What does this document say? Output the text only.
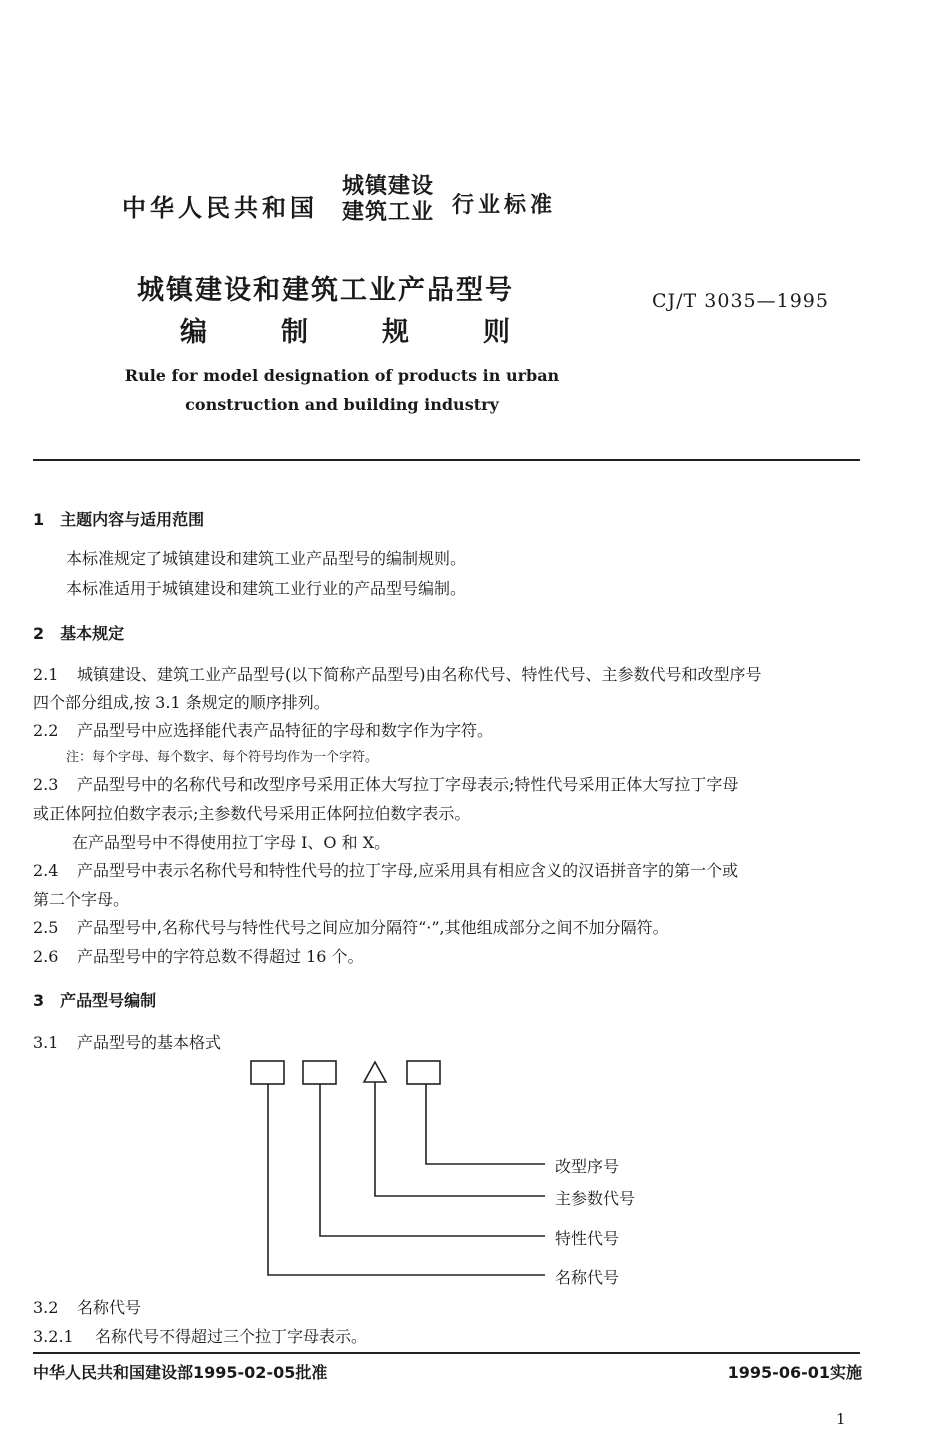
中华人民共和国
城镇建设
建筑工业 行业标准
城镇建设和建筑工业产品型号
编	制	规	则
CJ/T 3035—1995
Rule for model designation of products in urban
construction and building industry
1　主题内容与适用范围
本标准规定了城镇建设和建筑工业产品型号的编制规则。
本标准适用于城镇建设和建筑工业行业的产品型号编制。
2　基本规定
2.1 城镇建设、建筑工业产品型号(以下简称产品型号)由名称代号、特性代号、主参数代号和改型序号
四个部分组成,按 3.1 条规定的顺序排列。
2.2 产品型号中应选择能代表产品特征的字母和数字作为字符。
注：每个字母、每个数字、每个符号均作为一个字符。
2.3 产品型号中的名称代号和改型序号采用正体大写拉丁字母表示;特性代号采用正体大写拉丁字母
或正体阿拉伯数字表示;主参数代号采用正体阿拉伯数字表示。
在产品型号中不得使用拉丁字母 I、O 和 X。
2.4 产品型号中表示名称代号和特性代号的拉丁字母,应采用具有相应含义的汉语拼音字的第一个或
第二个字母。
2.5 产品型号中,名称代号与特性代号之间应加分隔符“·”,其他组成部分之间不加分隔符。
2.6 产品型号中的字符总数不得超过 16 个。
3　产品型号编制
3.1 产品型号的基本格式
改型序号
主参数代号
特性代号
名称代号
3.2 名称代号
3.2.1 名称代号不得超过三个拉丁字母表示。
中华人民共和国建设部1995-02-05批准	1995-06-01实施
1
